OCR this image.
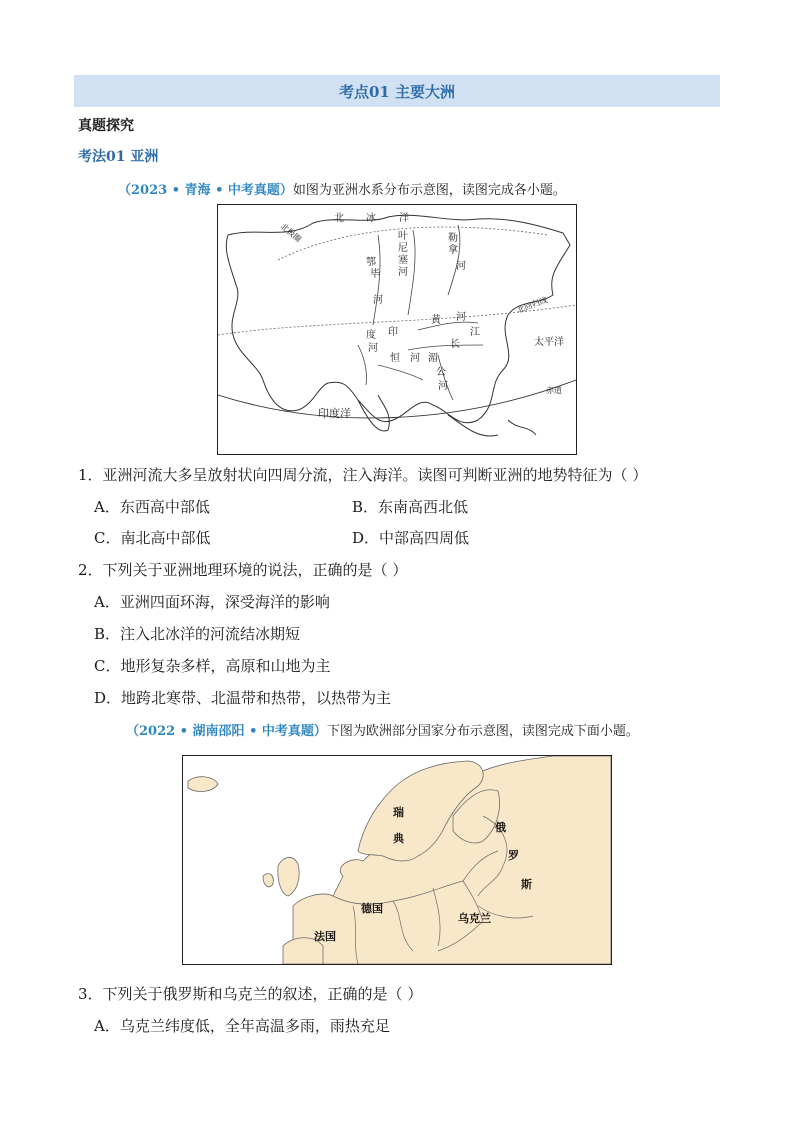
考点01 主要大洲
真题探究
考法01 亚洲
（2023 • 青海 • 中考真题）如图为亚洲水系分布示意图，读图完成各小题。
北 冰 洋
北极圈	叶
尼
塞
河
勒
拿
鄂
毕
河
河
黄 河
江
长
印
度
河
恒 河 湄
公
河
北回归线
太平洋
赤道
印度洋
1．亚洲河流大多呈放射状向四周分流，注入海洋。读图可判断亚洲的地势特征为（ ）
A．东西高中部低	B．东南高西北低
C．南北高中部低	D．中部高四周低
2．下列关于亚洲地理环境的说法，正确的是（ ）
A．亚洲四面环海，深受海洋的影响
B．注入北冰洋的河流结冰期短
C．地形复杂多样，高原和山地为主
D．地跨北寒带、北温带和热带，以热带为主
（2022 • 湖南邵阳 • 中考真题）下图为欧洲部分国家分布示意图，读图完成下面小题。
瑞
典
俄
罗
斯
德国
乌克兰
法国
3．下列关于俄罗斯和乌克兰的叙述，正确的是（ ）
A．乌克兰纬度低，全年高温多雨，雨热充足
